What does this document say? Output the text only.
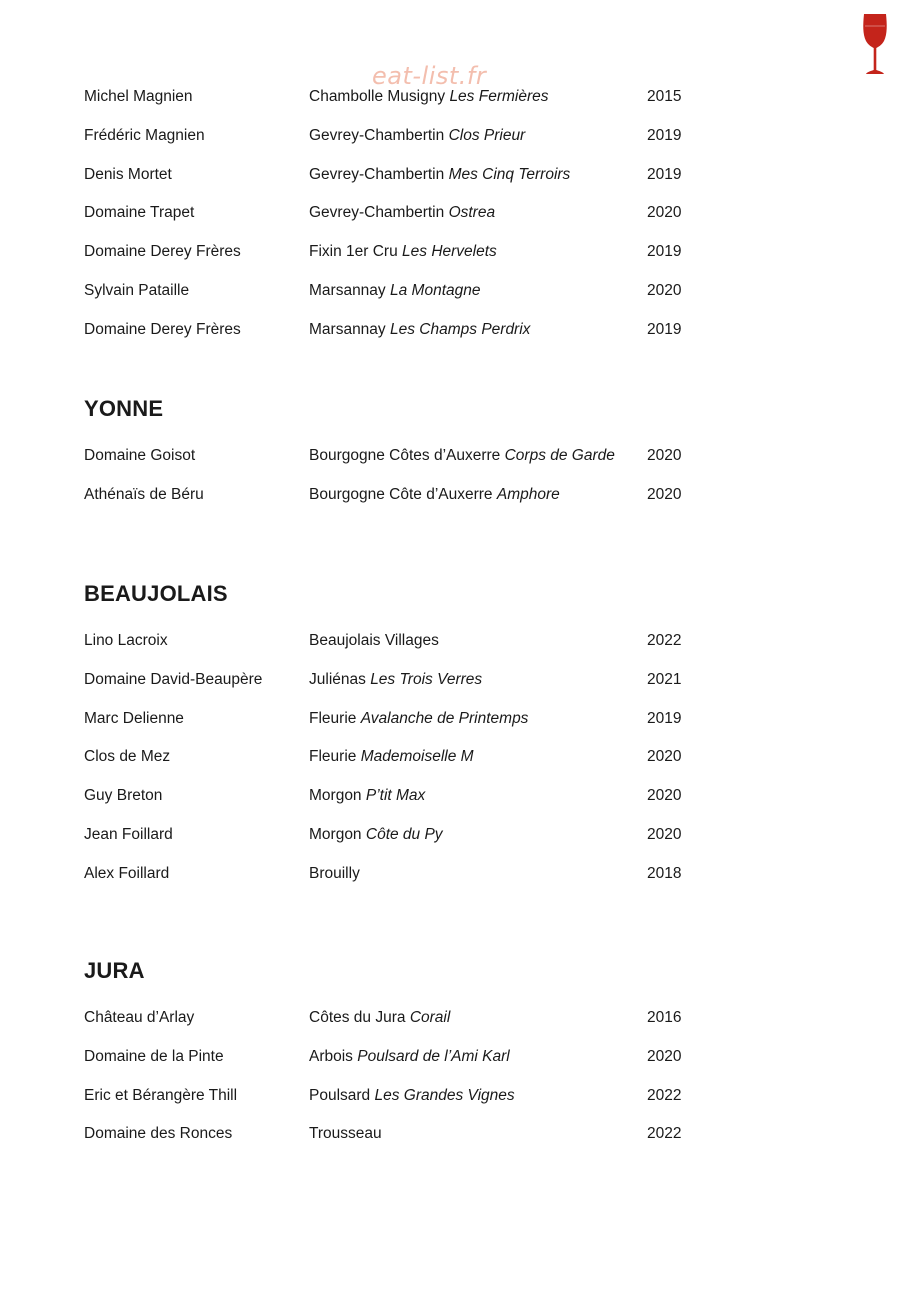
eat-list.fr
Michel Magnien	Chambolle Musigny Les Fermières	2015
Frédéric Magnien	Gevrey-Chambertin Clos Prieur	2019
Denis Mortet	Gevrey-Chambertin Mes Cinq Terroirs	2019
Domaine Trapet	Gevrey-Chambertin Ostrea	2020
Domaine Derey Frères	Fixin 1er Cru Les Hervelets	2019
Sylvain Pataille	Marsannay La Montagne	2020
Domaine Derey Frères	Marsannay Les Champs Perdrix	2019
YONNE
Domaine Goisot	Bourgogne Côtes d’Auxerre Corps de Garde 2020
Athénaïs de Béru	Bourgogne Côte d’Auxerre Amphore	2020
BEAUJOLAIS
Lino Lacroix	Beaujolais Villages	2022
Domaine David-Beaupère	Juliénas Les Trois Verres	2021
Marc Delienne	Fleurie Avalanche de Printemps	2019
Clos de Mez	Fleurie Mademoiselle M	2020
Guy Breton	Morgon P’tit Max	2020
Jean Foillard	Morgon Côte du Py	2020
Alex Foillard	Brouilly	2018
JURA
Château d’Arlay	Côtes du Jura Corail	2016
Domaine de la Pinte	Arbois Poulsard de l’Ami Karl	2020
Eric et Bérangère Thill	Poulsard Les Grandes Vignes	2022
Domaine des Ronces	Trousseau	2022
